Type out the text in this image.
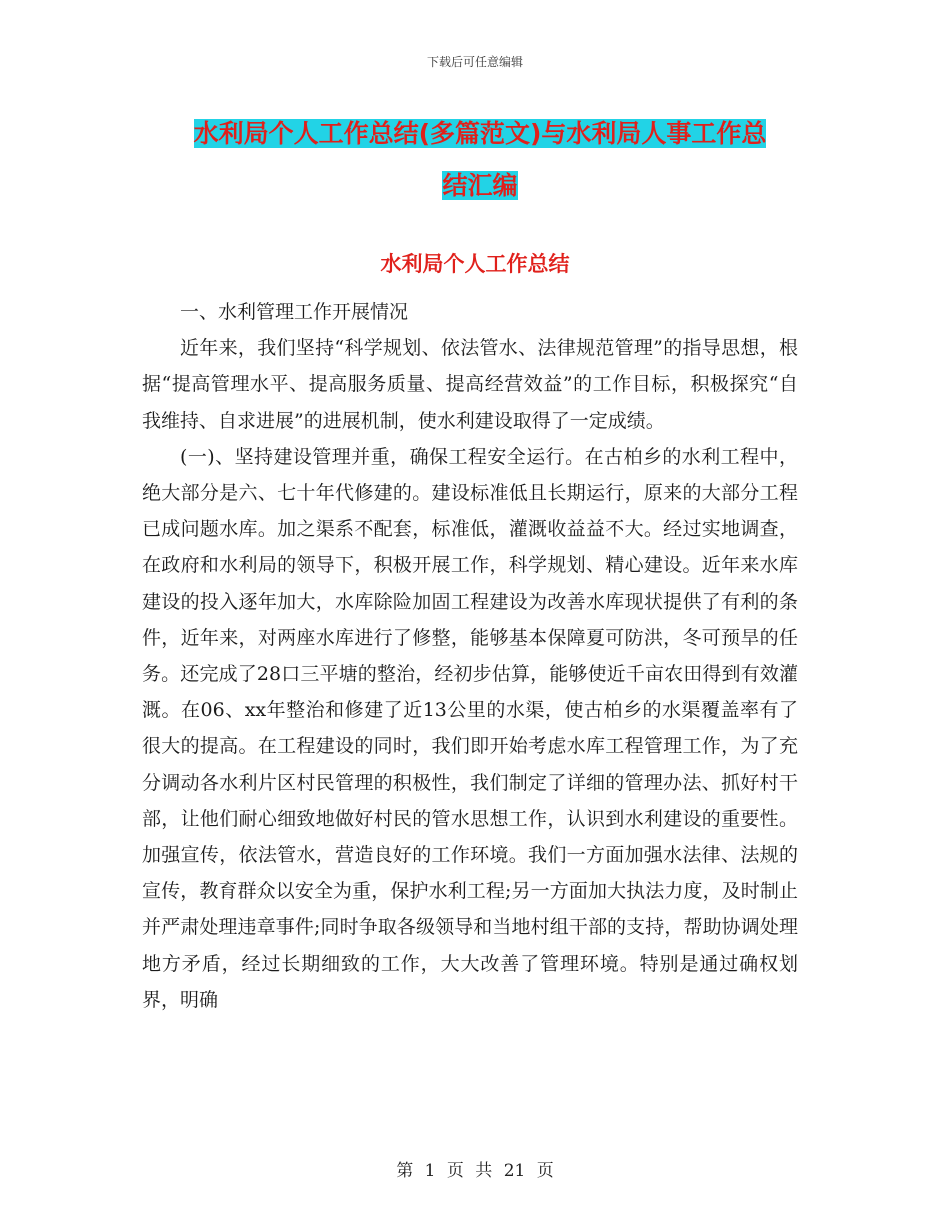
下载后可任意编辑
水利局个人工作总结(多篇范文)与水利局人事工作总
结汇编
水利局个人工作总结

一、水利管理工作开展情况

近年来，我们坚持“科学规划、依法管水、法律规范管理”的指导思想，根据“提高管理水平、提高服务质量、提高经营效益”的工作目标，积极探究“自我维持、自求进展”的进展机制，使水利建设取得了一定成绩。

(一)、坚持建设管理并重，确保工程安全运行。在古柏乡的水利工程中，绝大部分是六、七十年代修建的。建设标准低且长期运行，原来的大部分工程已成问题水库。加之渠系不配套，标准低，灌溉收益益不大。经过实地调查，在政府和水利局的领导下，积极开展工作，科学规划、精心建设。近年来水库建设的投入逐年加大，水库除险加固工程建设为改善水库现状提供了有利的条件，近年来，对两座水库进行了修整，能够基本保障夏可防洪，冬可预旱的任务。还完成了28口三平塘的整治，经初步估算，能够使近千亩农田得到有效灌溉。在06、xx年整治和修建了近13公里的水渠，使古柏乡的水渠覆盖率有了很大的提高。在工程建设的同时，我们即开始考虑水库工程管理工作，为了充分调动各水利片区村民管理的积极性，我们制定了详细的管理办法、抓好村干部，让他们耐心细致地做好村民的管水思想工作，认识到水利建设的重要性。加强宣传，依法管水，营造良好的工作环境。我们一方面加强水法律、法规的宣传，教育群众以安全为重，保护水利工程;另一方面加大执法力度，及时制止并严肃处理违章事件;同时争取各级领导和当地村组干部的支持，帮助协调处理地方矛盾，经过长期细致的工作，大大改善了管理环境。特别是通过确权划界，明确

第 1 页 共 21 页
